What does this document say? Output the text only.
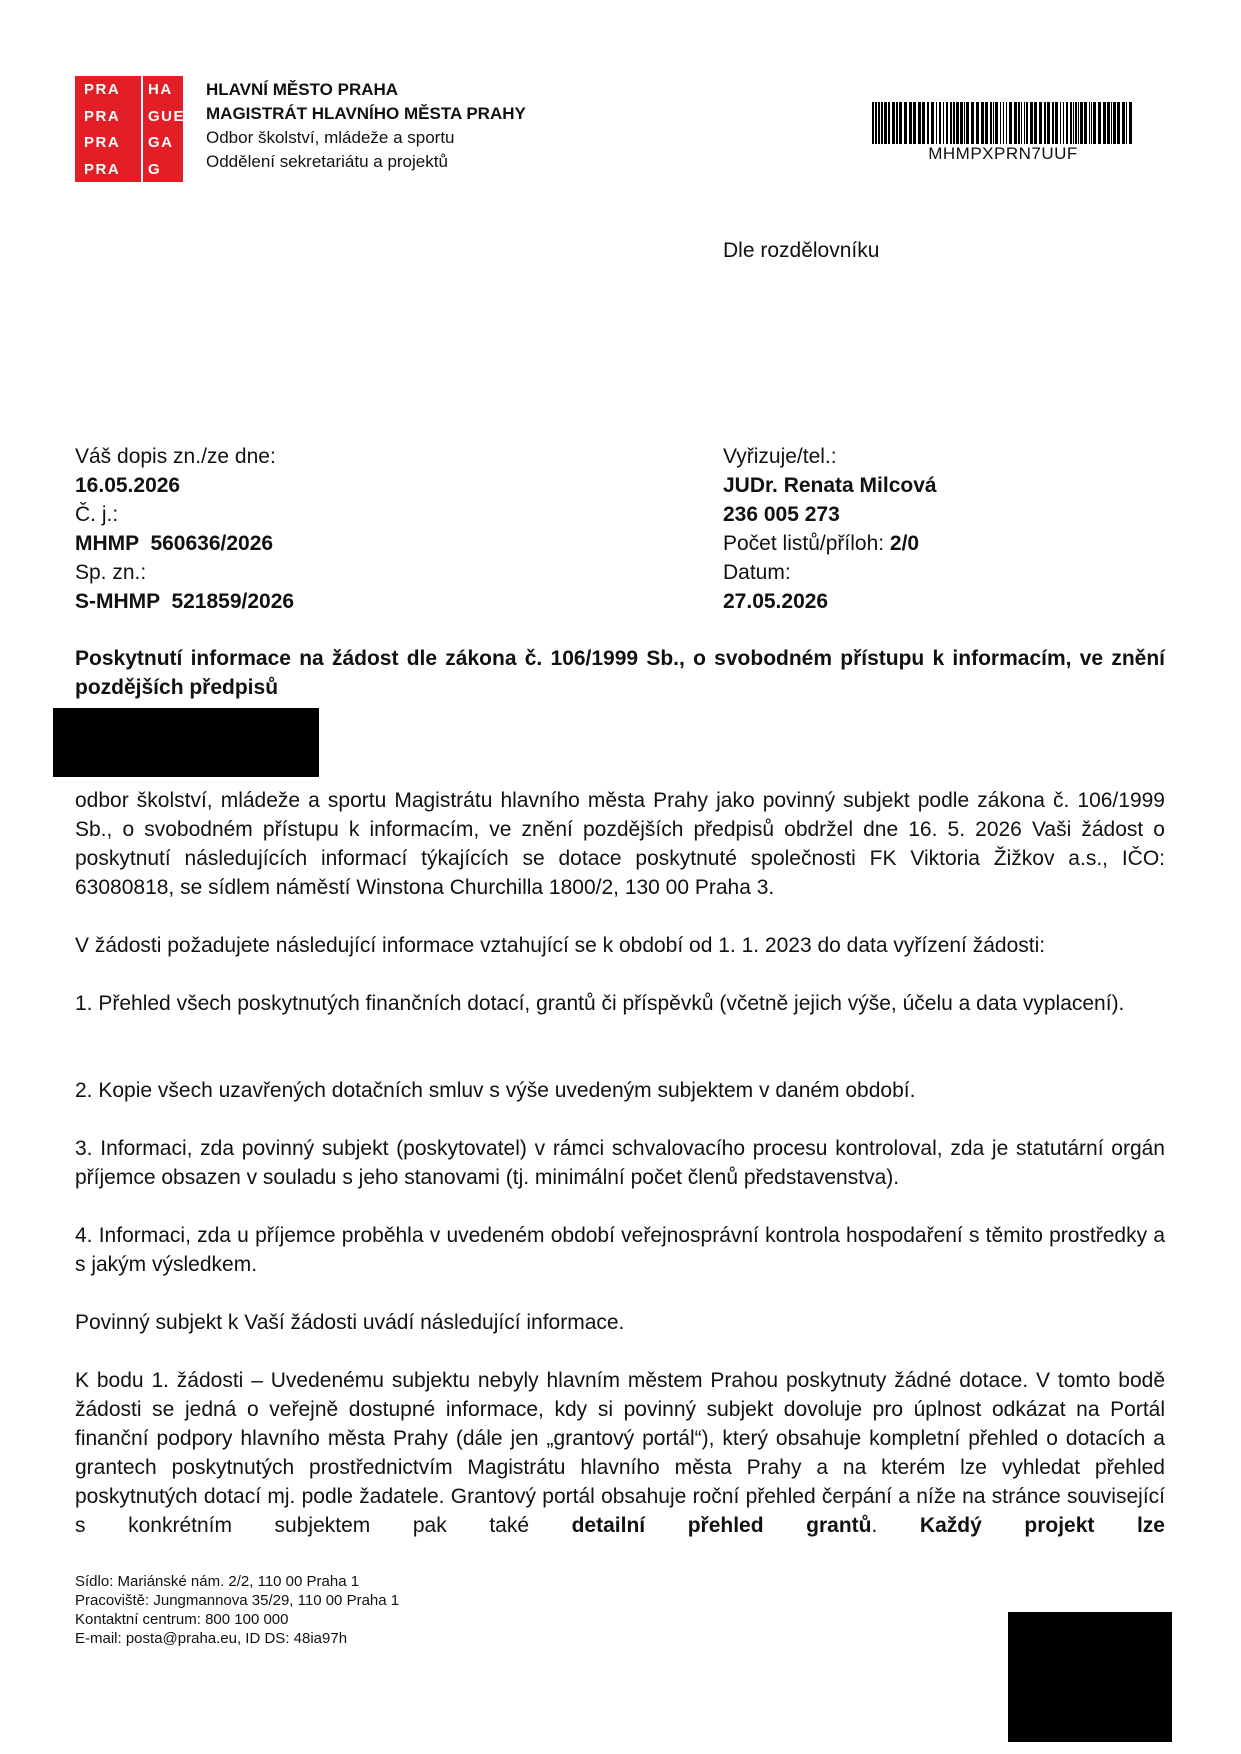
PRA HA
PRA GUE
PRA GA
PRA G
HLAVNÍ MĚSTO PRAHA
MAGISTRÁT HLAVNÍHO MĚSTA PRAHY
Odbor školství, mládeže a sportu
Oddělení sekretariátu a projektů	MHMPXPRN7UUF
Dle rozdělovníku
Váš dopis zn./ze dne:
16.05.2026
Č. j.:
MHMP  560636/2026
Sp. zn.:
S-MHMP  521859/2026
Vyřizuje/tel.:
JUDr. Renata Milcová
236 005 273
Počet listů/příloh: 2/0
Datum:
27.05.2026
Poskytnutí informace na žádost dle zákona č. 106/1999 Sb., o svobodném přístupu k informacím, ve znění pozdějších předpisů

odbor školství, mládeže a sportu Magistrátu hlavního města Prahy jako povinný subjekt podle zákona č. 106/1999 Sb., o svobodném přístupu k informacím, ve znění pozdějších předpisů obdržel dne 16. 5. 2026 Vaši žádost o poskytnutí následujících informací týkajících se dotace poskytnuté společnosti FK Viktoria Žižkov a.s., IČO: 63080818, se sídlem náměstí Winstona Churchilla 1800/2, 130 00 Praha 3.

V žádosti požadujete následující informace vztahující se k období od 1. 1. 2023 do data vyřízení žádosti:

1. Přehled všech poskytnutých finančních dotací, grantů či příspěvků (včetně jejich výše, účelu a data vyplacení).

2. Kopie všech uzavřených dotačních smluv s výše uvedeným subjektem v daném období.

3. Informaci, zda povinný subjekt (poskytovatel) v rámci schvalovacího procesu kontroloval, zda je statutární orgán příjemce obsazen v souladu s jeho stanovami (tj. minimální počet členů představenstva).

4. Informaci, zda u příjemce proběhla v uvedeném období veřejnosprávní kontrola hospodaření s těmito prostředky a s jakým výsledkem.

Povinný subjekt k Vaší žádosti uvádí následující informace.

K bodu 1. žádosti – Uvedenému subjektu nebyly hlavním městem Prahou poskytnuty žádné dotace. V tomto bodě žádosti se jedná o veřejně dostupné informace, kdy si povinný subjekt dovoluje pro úplnost odkázat na Portál finanční podpory hlavního města Prahy (dále jen „grantový portál“), který obsahuje kompletní přehled o dotacích a grantech poskytnutých prostřednictvím Magistrátu hlavního města Prahy a na kterém lze vyhledat přehled poskytnutých dotací mj. podle žadatele. Grantový portál obsahuje roční přehled čerpání a níže na stránce související s konkrétním subjektem pak také detailní přehled grantů. Každý projekt lze

Sídlo: Mariánské nám. 2/2, 110 00 Praha 1
Pracoviště: Jungmannova 35/29, 110 00 Praha 1
Kontaktní centrum: 800 100 000
E-mail: posta@praha.eu, ID DS: 48ia97h
